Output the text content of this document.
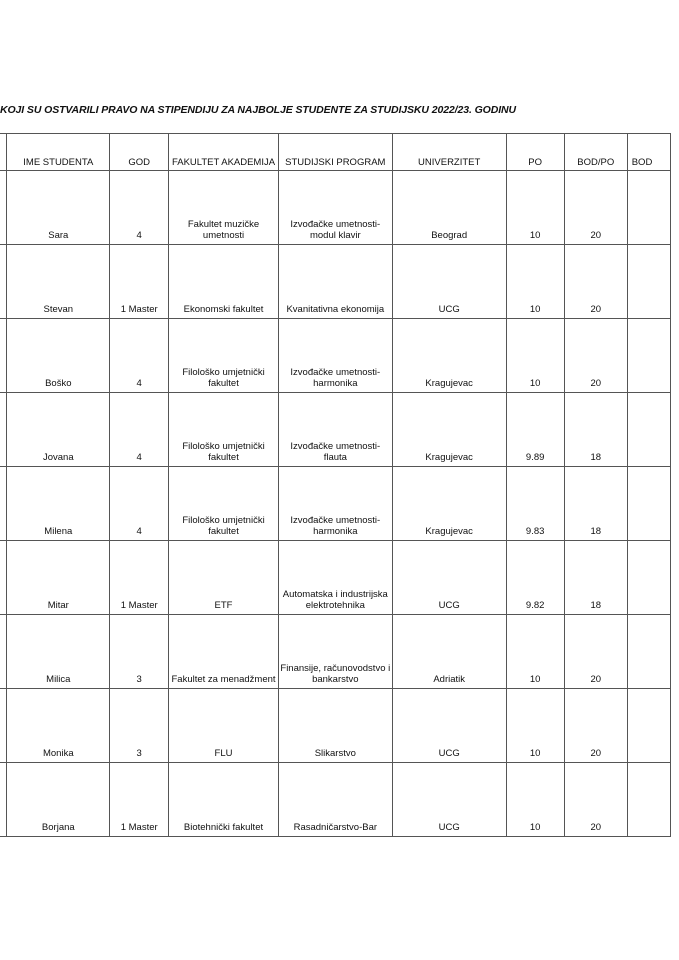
KOJI SU OSTVARILI PRAVO NA STIPENDIJU ZA NAJBOLJE STUDENTE ZA STUDIJSKU 2022/23. GODINU
	IME STUDENTA	GOD	FAKULTET AKADEMIJA	STUDIJSKI PROGRAM	UNIVERZITET	PO	BOD/PO	BOD
	Sara	4	Fakultet muzičke umetnosti	Izvođačke umetnosti-modul klavir	Beograd	10	20	
	Stevan	1 Master	Ekonomski fakultet	Kvanitativna ekonomija	UCG	10	20	
	Boško	4	Filološko umjetnički fakultet	Izvođačke umetnosti-harmonika	Kragujevac	10	20	
	Jovana	4	Filološko umjetnički fakultet	Izvođačke umetnosti-flauta	Kragujevac	9.89	18	
	Milena	4	Filološko umjetnički fakultet	Izvođačke umetnosti-harmonika	Kragujevac	9.83	18	
	Mitar	1 Master	ETF	Automatska i industrijska elektrotehnika	UCG	9.82	18	
	Milica	3	Fakultet za menadžment	Finansije, računovodstvo i bankarstvo	Adriatik	10	20	
	Monika	3	FLU	Slikarstvo	UCG	10	20	
	Borjana	1 Master	Biotehnički fakultet	Rasadničarstvo-Bar	UCG	10	20	
